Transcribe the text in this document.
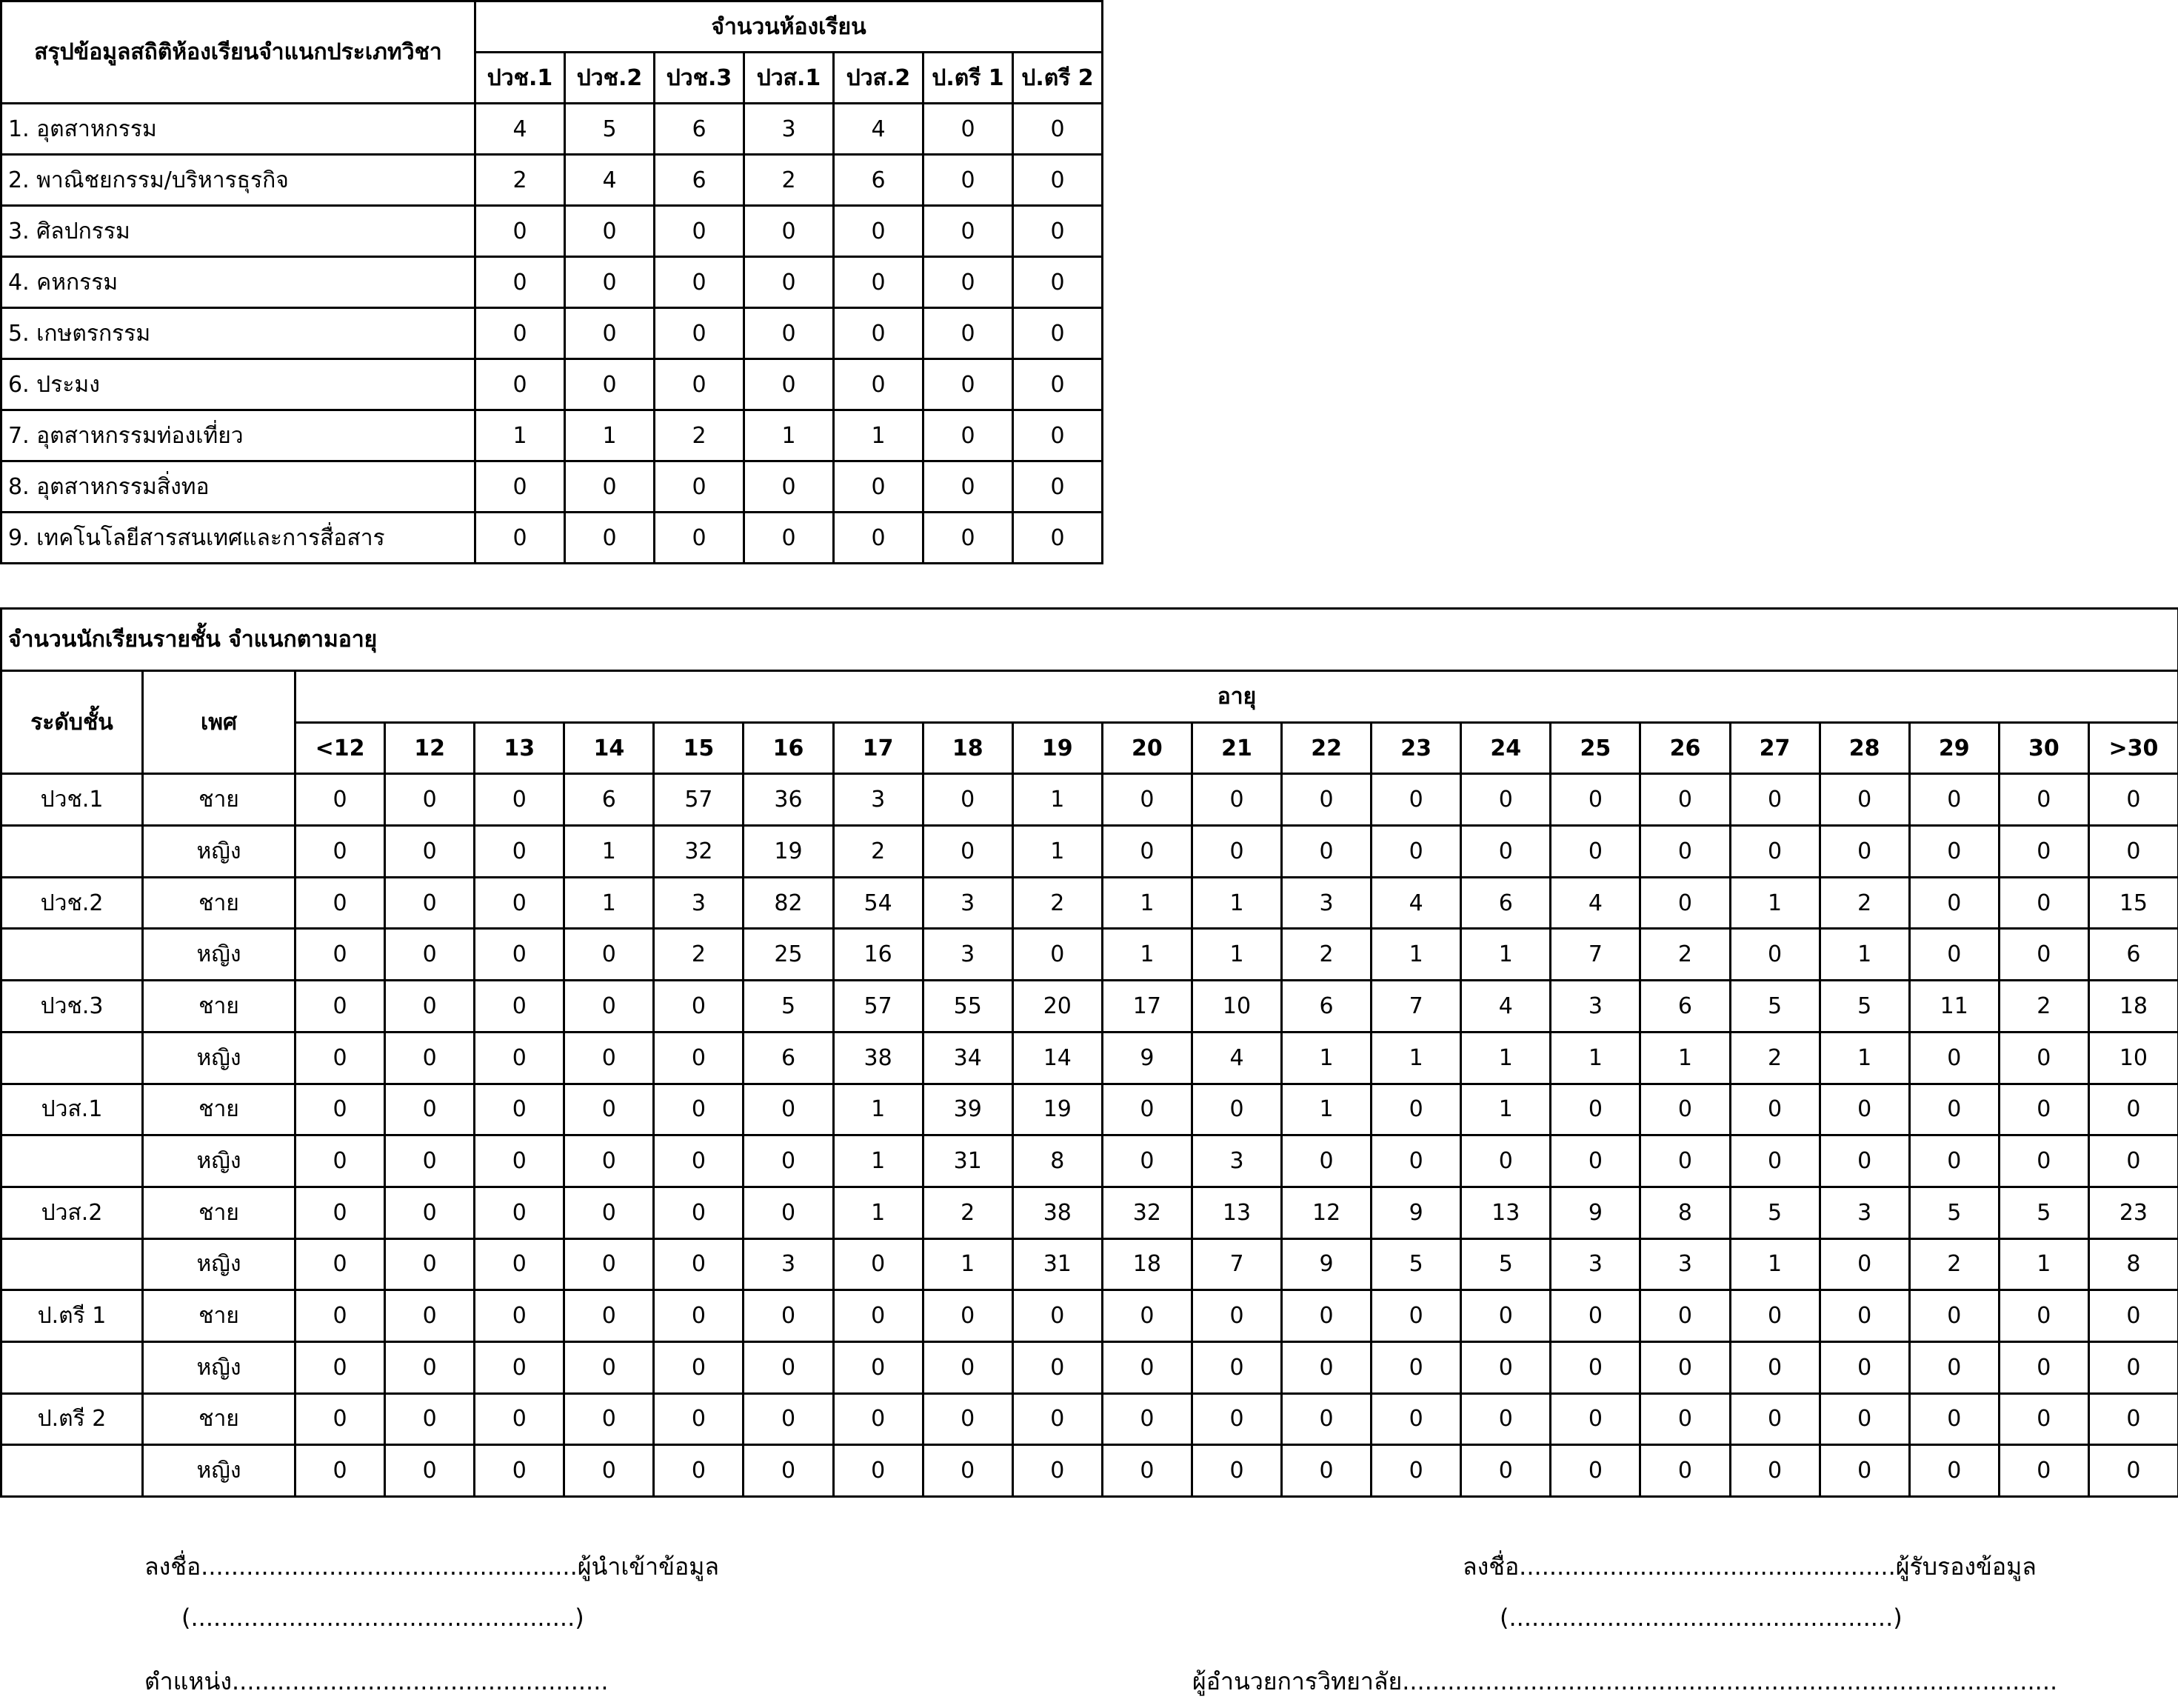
สรุปข้อมูลสถิติห้องเรียนจำแนกประเภทวิชา	จำนวนห้องเรียน						
	ปวช.1	ปวช.2	ปวช.3	ปวส.1	ปวส.2	ป.ตรี 1	ป.ตรี 2
1. อุตสาหกรรม	4	5	6	3	4	0	0
2. พาณิชยกรรม/บริหารธุรกิจ	2	4	6	2	6	0	0
3. ศิลปกรรม	0	0	0	0	0	0	0
4. คหกรรม	0	0	0	0	0	0	0
5. เกษตรกรรม	0	0	0	0	0	0	0
6. ประมง	0	0	0	0	0	0	0
7. อุตสาหกรรมท่องเที่ยว	1	1	2	1	1	0	0
8. อุตสาหกรรมสิ่งทอ	0	0	0	0	0	0	0
9. เทคโนโลยีสารสนเทศและการสื่อสาร	0	0	0	0	0	0	0
จำนวนนักเรียนรายชั้น จำแนกตามอายุ																						
ระดับชั้น	เพศ	อายุ																				
		<12	12	13	14	15	16	17	18	19	20	21	22	23	24	25	26	27	28	29	30	>30
ปวช.1	ชาย	0	0	0	6	57	36	3	0	1	0	0	0	0	0	0	0	0	0	0	0	0
	หญิง	0	0	0	1	32	19	2	0	1	0	0	0	0	0	0	0	0	0	0	0	0
ปวช.2	ชาย	0	0	0	1	3	82	54	3	2	1	1	3	4	6	4	0	1	2	0	0	15
	หญิง	0	0	0	0	2	25	16	3	0	1	1	2	1	1	7	2	0	1	0	0	6
ปวช.3	ชาย	0	0	0	0	0	5	57	55	20	17	10	6	7	4	3	6	5	5	11	2	18
	หญิง	0	0	0	0	0	6	38	34	14	9	4	1	1	1	1	1	2	1	0	0	10
ปวส.1	ชาย	0	0	0	0	0	0	1	39	19	0	0	1	0	1	0	0	0	0	0	0	0
	หญิง	0	0	0	0	0	0	1	31	8	0	3	0	0	0	0	0	0	0	0	0	0
ปวส.2	ชาย	0	0	0	0	0	0	1	2	38	32	13	12	9	13	9	8	5	3	5	5	23
	หญิง	0	0	0	0	0	3	0	1	31	18	7	9	5	5	3	3	1	0	2	1	8
ป.ตรี 1	ชาย	0	0	0	0	0	0	0	0	0	0	0	0	0	0	0	0	0	0	0	0	0
	หญิง	0	0	0	0	0	0	0	0	0	0	0	0	0	0	0	0	0	0	0	0	0
ป.ตรี 2	ชาย	0	0	0	0	0	0	0	0	0	0	0	0	0	0	0	0	0	0	0	0	0
	หญิง	0	0	0	0	0	0	0	0	0	0	0	0	0	0	0	0	0	0	0	0	0
ลงชื่อ..................................................ผู้นำเข้าข้อมูล
(...................................................)
ตำแหน่ง..................................................
ลงชื่อ..................................................ผู้รับรองข้อมูล
(...................................................)
ผู้อำนวยการวิทยาลัย.......................................................................................
